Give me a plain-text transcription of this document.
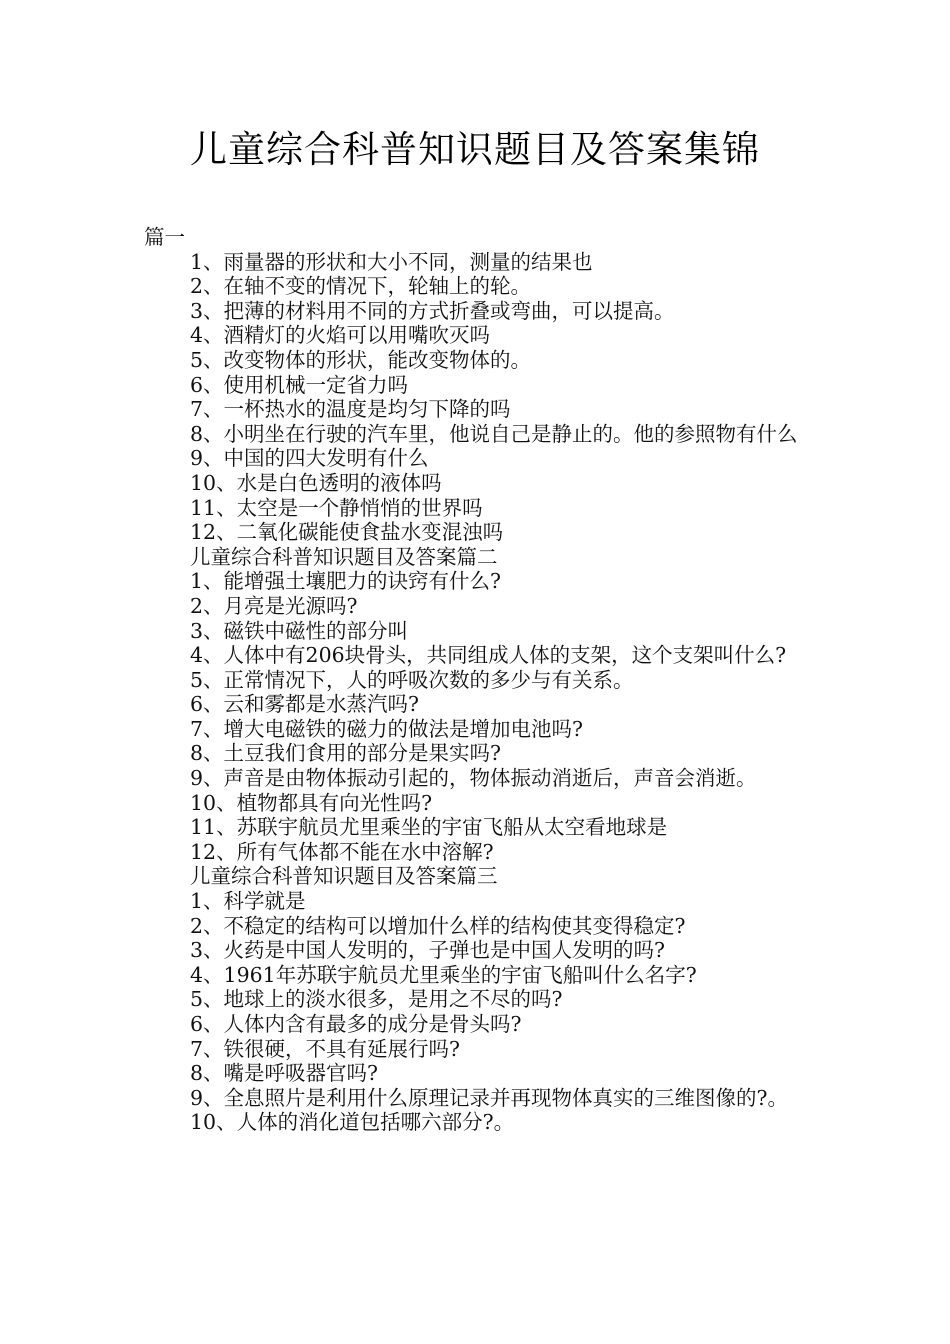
儿童综合科普知识题目及答案集锦

篇一

1、雨量器的形状和大小不同，测量的结果也

2、在轴不变的情况下，轮轴上的轮。

3、把薄的材料用不同的方式折叠或弯曲，可以提高。

4、酒精灯的火焰可以用嘴吹灭吗

5、改变物体的形状，能改变物体的。

6、使用机械一定省力吗

7、一杯热水的温度是均匀下降的吗

8、小明坐在行驶的汽车里，他说自己是静止的。他的参照物有什么

9、中国的四大发明有什么

10、水是白色透明的液体吗

11、太空是一个静悄悄的世界吗

12、二氧化碳能使食盐水变混浊吗

儿童综合科普知识题目及答案篇二

1、能增强土壤肥力的诀窍有什么?

2、月亮是光源吗?

3、磁铁中磁性的部分叫

4、人体中有206块骨头，共同组成人体的支架，这个支架叫什么?

5、正常情况下，人的呼吸次数的多少与有关系。

6、云和雾都是水蒸汽吗?

7、增大电磁铁的磁力的做法是增加电池吗?

8、土豆我们食用的部分是果实吗?

9、声音是由物体振动引起的，物体振动消逝后，声音会消逝。

10、植物都具有向光性吗?

11、苏联宇航员尤里乘坐的宇宙飞船从太空看地球是

12、所有气体都不能在水中溶解?

儿童综合科普知识题目及答案篇三

1、科学就是

2、不稳定的结构可以增加什么样的结构使其变得稳定?

3、火药是中国人发明的，子弹也是中国人发明的吗?

4、1961年苏联宇航员尤里乘坐的宇宙飞船叫什么名字?

5、地球上的淡水很多，是用之不尽的吗?

6、人体内含有最多的成分是骨头吗?

7、铁很硬，不具有延展行吗?

8、嘴是呼吸器官吗?

9、全息照片是利用什么原理记录并再现物体真实的三维图像的?。

10、人体的消化道包括哪六部分?。
